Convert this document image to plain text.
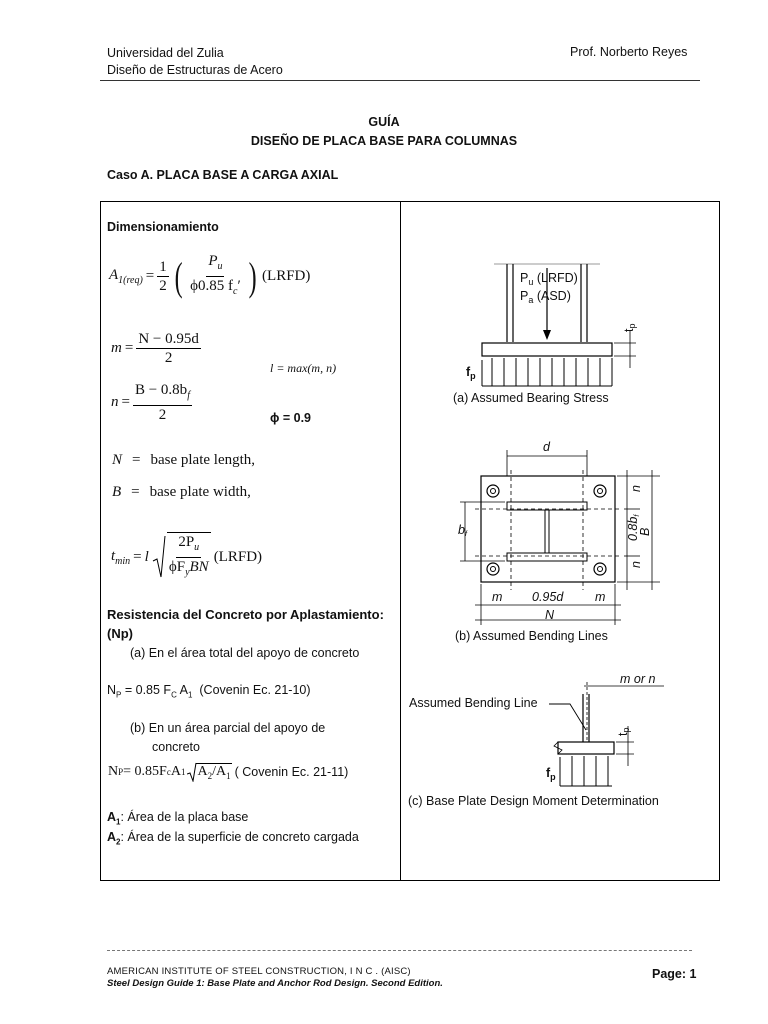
Universidad del Zulia
Diseño de Estructuras de Acero
Prof. Norberto Reyes
GUÍA
DISEÑO DE PLACA BASE PARA COLUMNAS
Caso A. PLACA BASE A CARGA AXIAL
Dimensionamiento
$A_{1(req)} = \frac{1}{2}$ ( $\frac{P_u}{\phi 0.85 f_c'}$ ) (LRFD)
$m = \frac{N - 0.95d}{2}$
l = max(m, n)
$n = \frac{B - 0.8b_f}{2}$	ϕ = 0.9
N = base plate length,
B = base plate width,
$t_{min} = l \frac{2P_u}{\phi F_yBN}$ (LRFD)
Resistencia del Concreto por Aplastamiento:
(Np)
(a) En el área total del apoyo de concreto
$N_P = 0.85$ $F_C$ $A_1$ (Covenin Ec. 21-10)
(b) En un área parcial del apoyo de
concreto
N P = 0.85F c A 1 $A_2/A_1$ ( Covenin Ec. 21-11)
$A_1$: Área de la placa base
$A_2$: Área de la superficie de concreto cargada
$P_u$ (LRFD)
$P_a$ (ASD)
tp
$f_p$
(a) Assumed Bearing Stress
d
bf
n
0.8bf
n
B
m 0.95d	m
N
(b) Assumed Bending Lines
m or n
Assumed Bending Line
tp
$f_p$
(c) Base Plate Design Moment Determination
AMERICAN INSTITUTE OF STEEL CONSTRUCTION, I N C . (AISC)
Steel Design Guide 1: Base Plate and Anchor Rod Design. Second Edition.
Page: 1
